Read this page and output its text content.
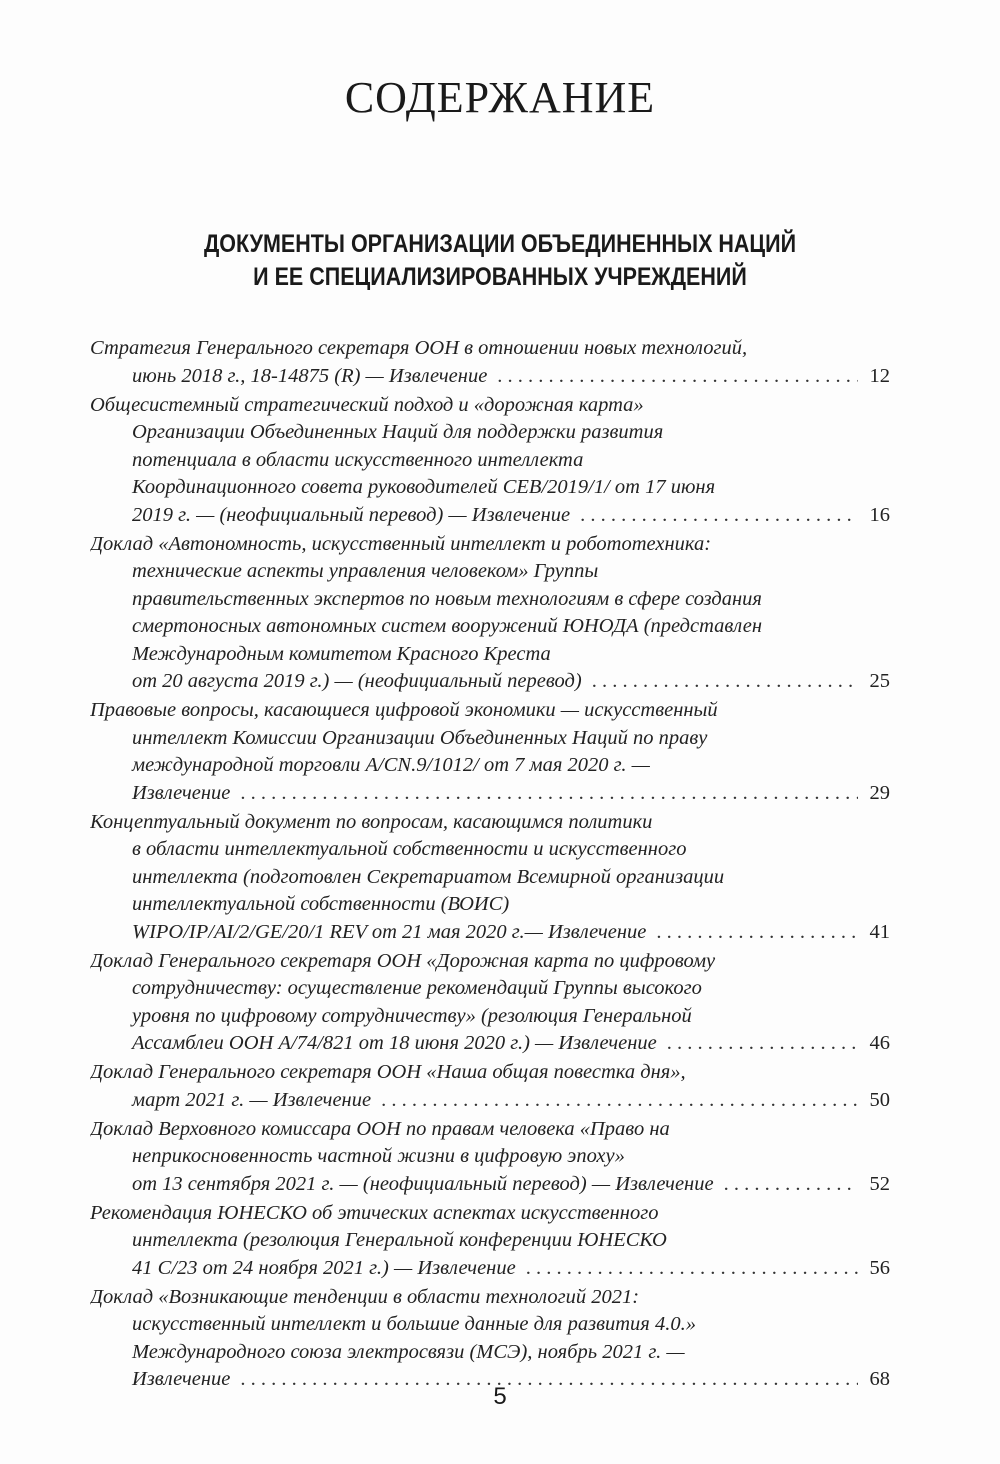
СОДЕРЖАНИЕ
ДОКУМЕНТЫ ОРГАНИЗАЦИИ ОБЪЕДИНЕННЫХ НАЦИЙ
И ЕЕ СПЕЦИАЛИЗИРОВАННЫХ УЧРЕЖДЕНИЙ
Стратегия Генерального секретаря ООН в отношении новых технологий,
июнь 2018 г., 18-14875 (R) — Извлечение . . .	12
Общесистемный стратегический подход и «дорожная карта»
Организации Объединенных Наций для поддержки развития
потенциала в области искусственного интеллекта
Координационного совета руководителей CEB/2019/1/ от 17 июня
2019 г. — (неофициальный перевод) — Извлечение . . .	16
Доклад «Автономность, искусственный интеллект и робототехника:
технические аспекты управления человеком» Группы
правительственных экспертов по новым технологиям в сфере создания
смертоносных автономных систем вооружений ЮНОДА (представлен
Международным комитетом Красного Креста
от 20 августа 2019 г.) — (неофициальный перевод) . . .	25
Правовые вопросы, касающиеся цифровой экономики — искусственный
интеллект Комиссии Организации Объединенных Наций по праву
международной торговли A/CN.9/1012/ от 7 мая 2020 г. —
Извлечение . . .	29
Концептуальный документ по вопросам, касающимся политики
в области интеллектуальной собственности и искусственного
интеллекта (подготовлен Секретариатом Всемирной организации
интеллектуальной собственности (ВОИС)
WIPO/IP/AI/2/GE/20/1 REV от 21 мая 2020 г.— Извлечение . . .	41
Доклад Генерального секретаря ООН «Дорожная карта по цифровому
сотрудничеству: осуществление рекомендаций Группы высокого
уровня по цифровому сотрудничеству» (резолюция Генеральной
Ассамблеи ООН A/74/821 от 18 июня 2020 г.) — Извлечение . . .	46
Доклад Генерального секретаря ООН «Наша общая повестка дня»,
март 2021 г. — Извлечение . . .	50
Доклад Верховного комиссара ООН по правам человека «Право на
неприкосновенность частной жизни в цифровую эпоху»
от 13 сентября 2021 г. — (неофициальный перевод) — Извлечение . . .	52
Рекомендация ЮНЕСКО об этических аспектах искусственного
интеллекта (резолюция Генеральной конференции ЮНЕСКО
41 С/23 от 24 ноября 2021 г.) — Извлечение . . .	56
Доклад «Возникающие тенденции в области технологий 2021:
искусственный интеллект и большие данные для развития 4.0.»
Международного союза электросвязи (МСЭ), ноябрь 2021 г. —
Извлечение . . .	68
5
